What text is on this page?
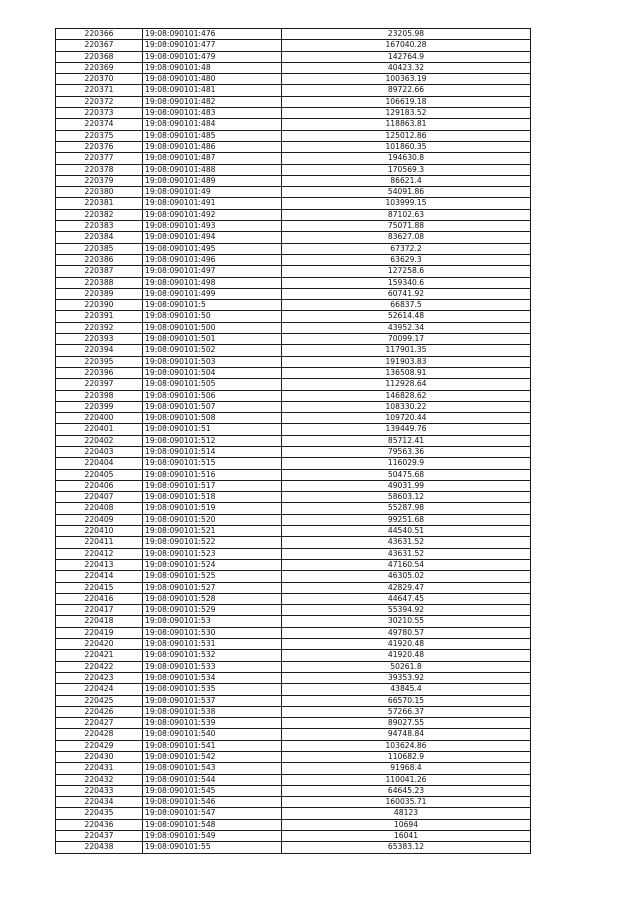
220366	19:08:090101:476	23205.98
220367	19:08:090101:477	167040.28
220368	19:08:090101:479	142764.9
220369	19:08:090101:48	40423.32
220370	19:08:090101:480	100363.19
220371	19:08:090101:481	89722.66
220372	19:08:090101:482	106619.18
220373	19:08:090101:483	129183.52
220374	19:08:090101:484	118863.81
220375	19:08:090101:485	125012.86
220376	19:08:090101:486	101860.35
220377	19:08:090101:487	194630.8
220378	19:08:090101:488	170569.3
220379	19:08:090101:489	86621.4
220380	19:08:090101:49	54091.86
220381	19:08:090101:491	103999.15
220382	19:08:090101:492	87102.63
220383	19:08:090101:493	75071.88
220384	19:08:090101:494	83627.08
220385	19:08:090101:495	67372.2
220386	19:08:090101:496	63629.3
220387	19:08:090101:497	127258.6
220388	19:08:090101:498	159340.6
220389	19:08:090101:499	60741.92
220390	19:08:090101:5	66837.5
220391	19:08:090101:50	52614.48
220392	19:08:090101:500	43952.34
220393	19:08:090101:501	70099.17
220394	19:08:090101:502	117901.35
220395	19:08:090101:503	191903.83
220396	19:08:090101:504	136508.91
220397	19:08:090101:505	112928.64
220398	19:08:090101:506	146828.62
220399	19:08:090101:507	108330.22
220400	19:08:090101:508	109720.44
220401	19:08:090101:51	139449.76
220402	19:08:090101:512	85712.41
220403	19:08:090101:514	79563.36
220404	19:08:090101:515	116029.9
220405	19:08:090101:516	50475.68
220406	19:08:090101:517	49031.99
220407	19:08:090101:518	58603.12
220408	19:08:090101:519	55287.98
220409	19:08:090101:520	99251.68
220410	19:08:090101:521	44540.51
220411	19:08:090101:522	43631.52
220412	19:08:090101:523	43631.52
220413	19:08:090101:524	47160.54
220414	19:08:090101:525	46305.02
220415	19:08:090101:527	42829.47
220416	19:08:090101:528	44647.45
220417	19:08:090101:529	55394.92
220418	19:08:090101:53	30210.55
220419	19:08:090101:530	49780.57
220420	19:08:090101:531	41920.48
220421	19:08:090101:532	41920.48
220422	19:08:090101:533	50261.8
220423	19:08:090101:534	39353.92
220424	19:08:090101:535	43845.4
220425	19:08:090101:537	66570.15
220426	19:08:090101:538	57266.37
220427	19:08:090101:539	89027.55
220428	19:08:090101:540	94748.84
220429	19:08:090101:541	103624.86
220430	19:08:090101:542	110682.9
220431	19:08:090101:543	91968.4
220432	19:08:090101:544	110041.26
220433	19:08:090101:545	64645.23
220434	19:08:090101:546	160035.71
220435	19:08:090101:547	48123
220436	19:08:090101:548	10694
220437	19:08:090101:549	16041
220438	19:08:090101:55	65383.12
